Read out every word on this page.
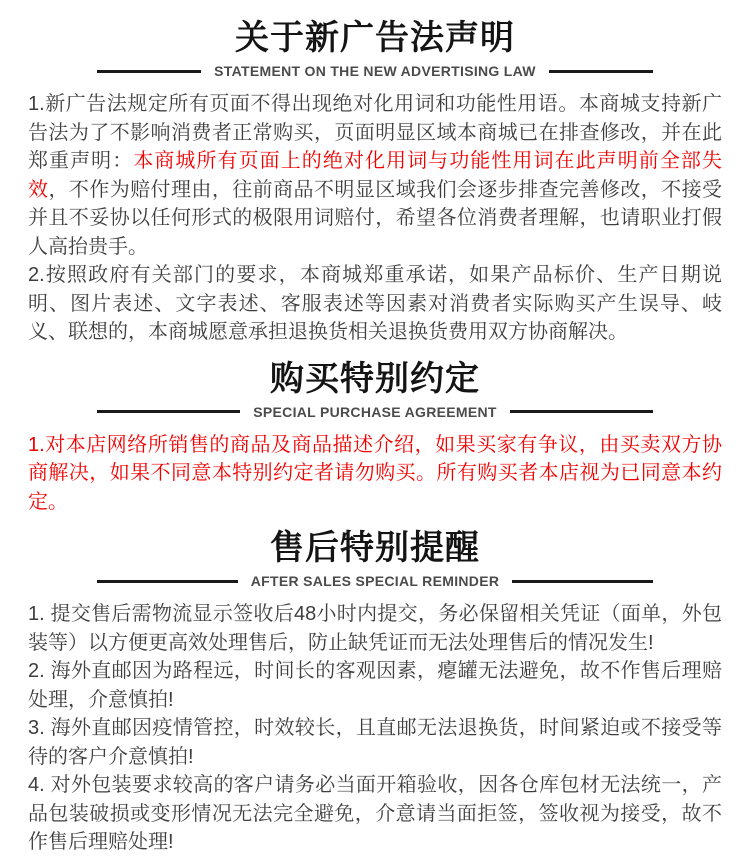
关于新广告法声明
STATEMENT ON THE NEW ADVERTISING LAW

1.新广告法规定所有页面不得出现绝对化用词和功能性用语。本商城支持新广告法为了不影响消费者正常购买，页面明显区域本商城已在排查修改，并在此郑重声明：本商城所有页面上的绝对化用词与功能性用词在此声明前全部失效，不作为赔付理由，往前商品不明显区域我们会逐步排查完善修改，不接受并且不妥协以任何形式的极限用词赔付，希望各位消费者理解，也请职业打假人高抬贵手。

2.按照政府有关部门的要求，本商城郑重承诺，如果产品标价、生产日期说明、图片表述、文字表述、客服表述等因素对消费者实际购买产生误导、岐义、联想的，本商城愿意承担退换货相关退换货费用双方协商解决。

购买特别约定
SPECIAL PURCHASE AGREEMENT

1.对本店网络所销售的商品及商品描述介绍，如果买家有争议，由买卖双方协商解决，如果不同意本特别约定者请勿购买。所有购买者本店视为已同意本约定。

售后特别提醒
AFTER SALES SPECIAL REMINDER

1. 提交售后需物流显示签收后48小时内提交，务必保留相关凭证（面单，外包装等）以方便更高效处理售后，防止缺凭证而无法处理售后的情况发生!

2. 海外直邮因为路程远，时间长的客观因素，瘪罐无法避免，故不作售后理赔处理，介意慎拍!

3. 海外直邮因疫情管控，时效较长，且直邮无法退换货，时间紧迫或不接受等待的客户介意慎拍!

4. 对外包装要求较高的客户请务必当面开箱验收，因各仓库包材无法统一，产品包装破损或变形情况无法完全避免，介意请当面拒签，签收视为接受，故不作售后理赔处理!
